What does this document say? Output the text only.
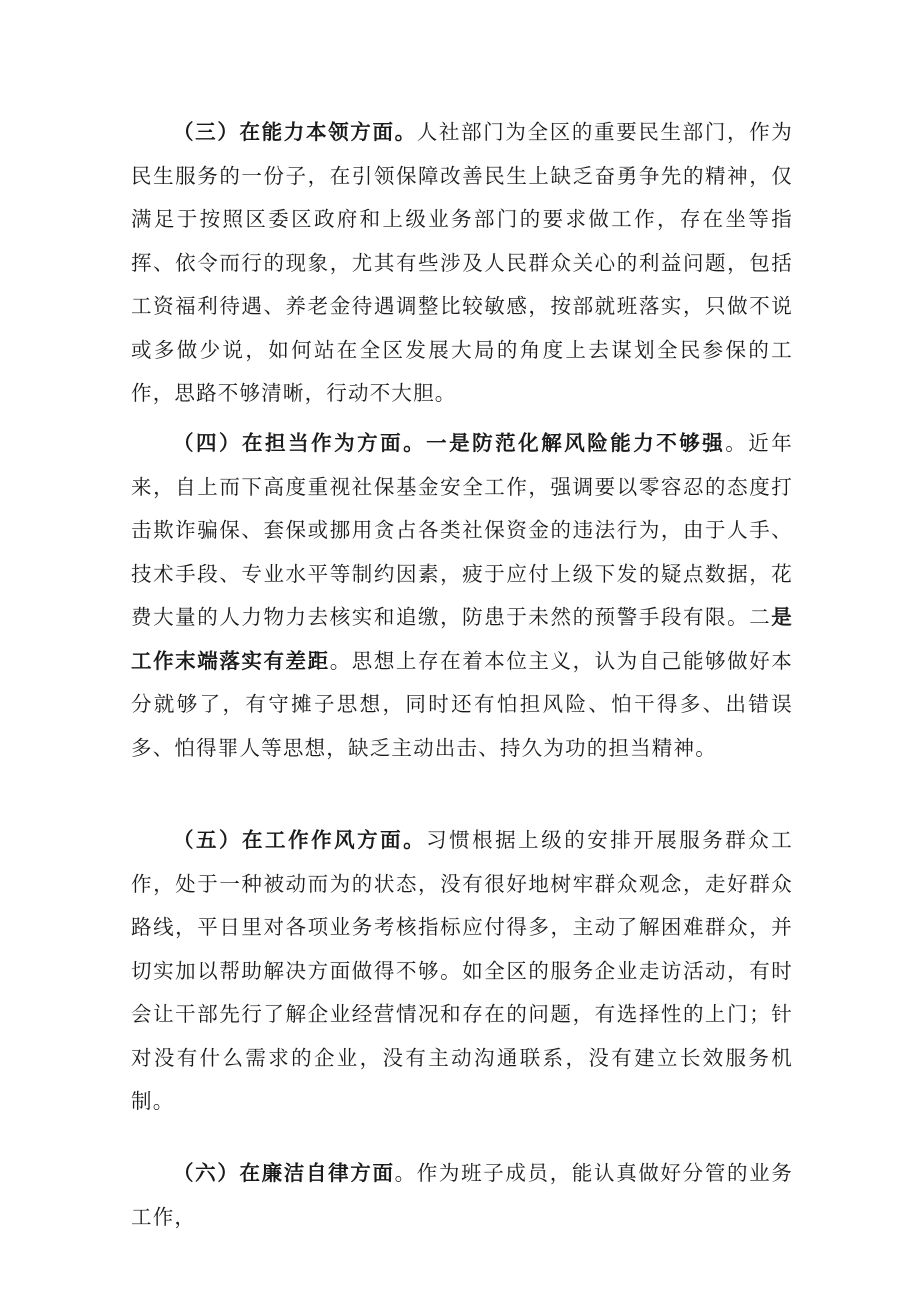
（三）在能力本领方面。人社部门为全区的重要民生部门，作为民生服务的一份子，在引领保障改善民生上缺乏奋勇争先的精神，仅满足于按照区委区政府和上级业务部门的要求做工作，存在坐等指挥、依令而行的现象，尤其有些涉及人民群众关心的利益问题，包括工资福利待遇、养老金待遇调整比较敏感，按部就班落实，只做不说或多做少说，如何站在全区发展大局的角度上去谋划全民参保的工作，思路不够清晰，行动不大胆。

（四）在担当作为方面。一是防范化解风险能力不够强。近年来，自上而下高度重视社保基金安全工作，强调要以零容忍的态度打击欺诈骗保、套保或挪用贪占各类社保资金的违法行为，由于人手、技术手段、专业水平等制约因素，疲于应付上级下发的疑点数据，花费大量的人力物力去核实和追缴，防患于未然的预警手段有限。二是工作末端落实有差距。思想上存在着本位主义，认为自己能够做好本分就够了，有守摊子思想，同时还有怕担风险、怕干得多、出错误多、怕得罪人等思想，缺乏主动出击、持久为功的担当精神。

（五）在工作作风方面。习惯根据上级的安排开展服务群众工作，处于一种被动而为的状态，没有很好地树牢群众观念，走好群众路线，平日里对各项业务考核指标应付得多，主动了解困难群众，并切实加以帮助解决方面做得不够。如全区的服务企业走访活动，有时会让干部先行了解企业经营情况和存在的问题，有选择性的上门；针对没有什么需求的企业，没有主动沟通联系，没有建立长效服务机制。

（六）在廉洁自律方面。作为班子成员，能认真做好分管的业务工作，
